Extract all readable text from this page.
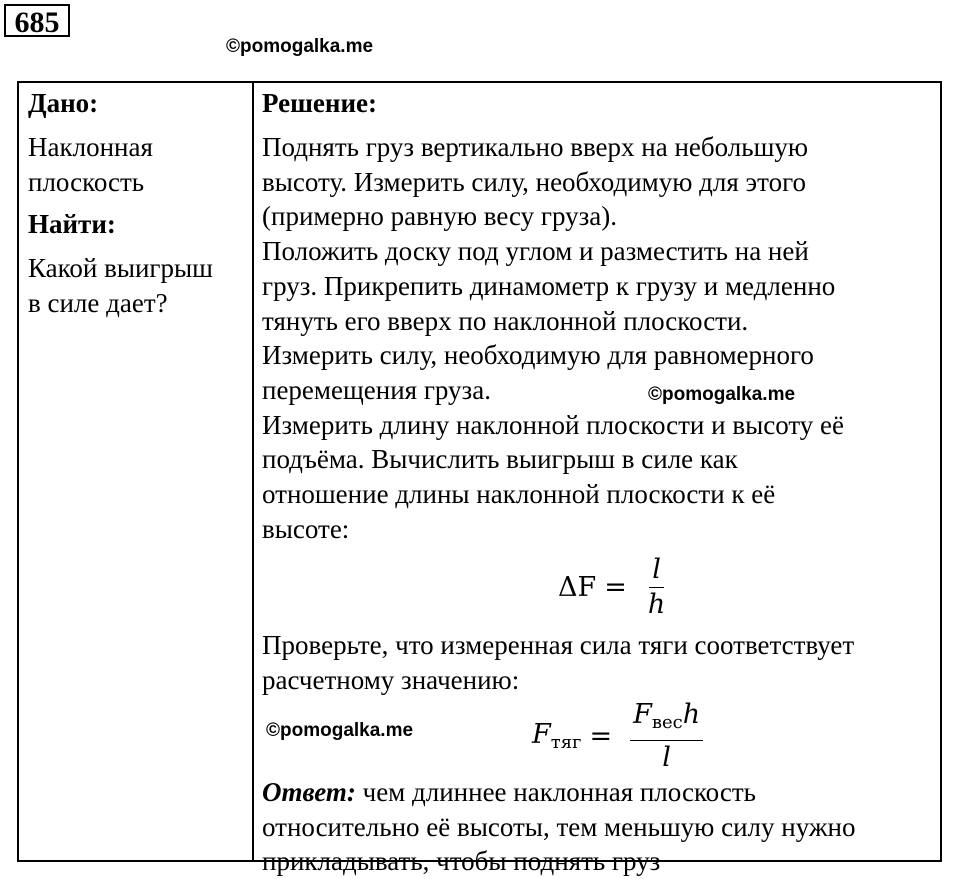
685
©pomogalka.me
Дано:
Наклонная
плоскость
Найти:
Какой выигрыш
в силе дает?
Решение:
Поднять груз вертикально вверх на небольшую
высоту. Измерить силу, необходимую для этого
(примерно равную весу груза).
Положить доску под углом и разместить на ней
груз. Прикрепить динамометр к грузу и медленно
тянуть его вверх по наклонной плоскости.
Измерить силу, необходимую для равномерного
перемещения груза.
Измерить длину наклонной плоскости и высоту её
подъёма. Вычислить выигрыш в силе как
отношение длины наклонной плоскости к её
высоте:
$\Delta F = \frac{l}{h}$
Проверьте, что измеренная сила тяги соответствует
расчетному значению:
$F_{тяг} = \frac{F_{вес}h}{l}$
Ответ: чем длиннее наклонная плоскость
относительно её высоты, тем меньшую силу нужно
прикладывать, чтобы поднять груз
©pomogalka.me
©pomogalka.me
